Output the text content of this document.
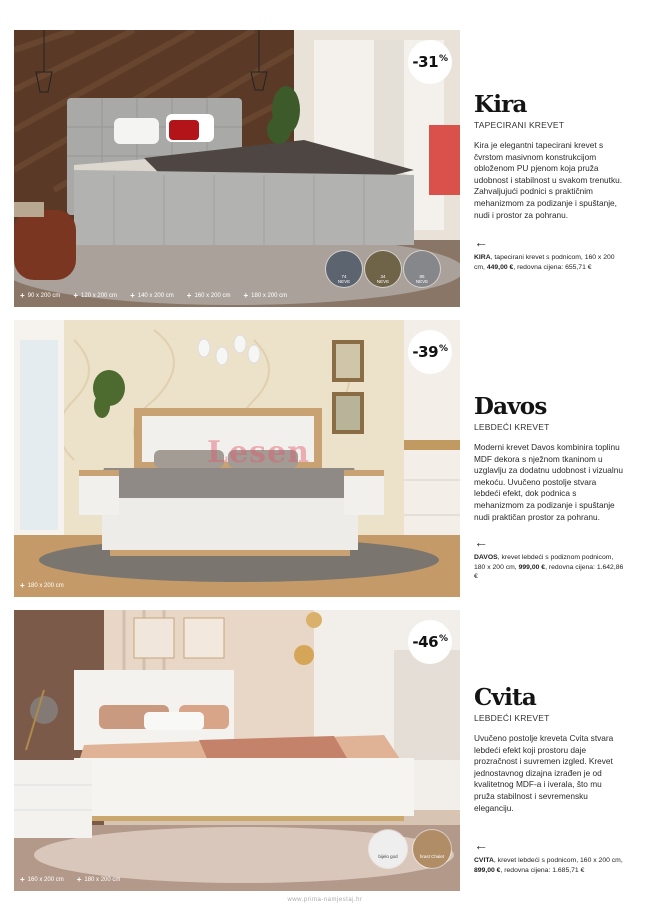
-31 %
74
NEVE
34
NEVE
85
NEVE
+ 90 x 200 cm + 120 x 200 cm + 140 x 200 cm + 160 x 200 cm + 180 x 200 cm
Kira
TAPECIRANI KREVET
Kira je elegantni tapecirani krevet s čvrstom masivnom konstrukcijom obloženom PU pjenom koja pruža udobnost i stabilnost u svakom trenutku. Zahvaljujući podnici s praktičnim mehanizmom za podizanje i spuštanje, nudi i prostor za pohranu.
←
KIRA, tapecirani krevet s podnicom, 160 x 200 cm, 449,00 €, redovna cijena: 655,71 €
Lesen
-39 %
+ 180 x 200 cm
Davos
LEBDEĆI KREVET
Moderni krevet Davos kombinira toplinu MDF dekora s nježnom tkaninom u uzglavlju za dodatnu udobnost i vizualnu mekoću. Uvučeno postolje stvara lebdeći efekt, dok podnica s mehanizmom za podizanje i spuštanje nudi praktičan prostor za pohranu.
←
DAVOS, krevet lebdeći s podiznom podnicom, 180 x 200 cm, 999,00 €, redovna cijena: 1.642,86 €
-46 %
bijelo god	hrast Chalet
+ 160 x 200 cm + 180 x 200 cm
Cvita
LEBDEĆI KREVET
Uvučeno postolje kreveta Cvita stvara lebdeći efekt koji prostoru daje prozračnost i suvremen izgled. Krevet jednostavnog dizajna izrađen je od kvalitetnog MDF-a i iverala, što mu pruža stabilnost i sevremensku eleganciju.
←
CVITA, krevet lebdeći s podnicom, 160 x 200 cm, 899,00 €, redovna cijena: 1.685,71 €
www.prima-namjestaj.hr
